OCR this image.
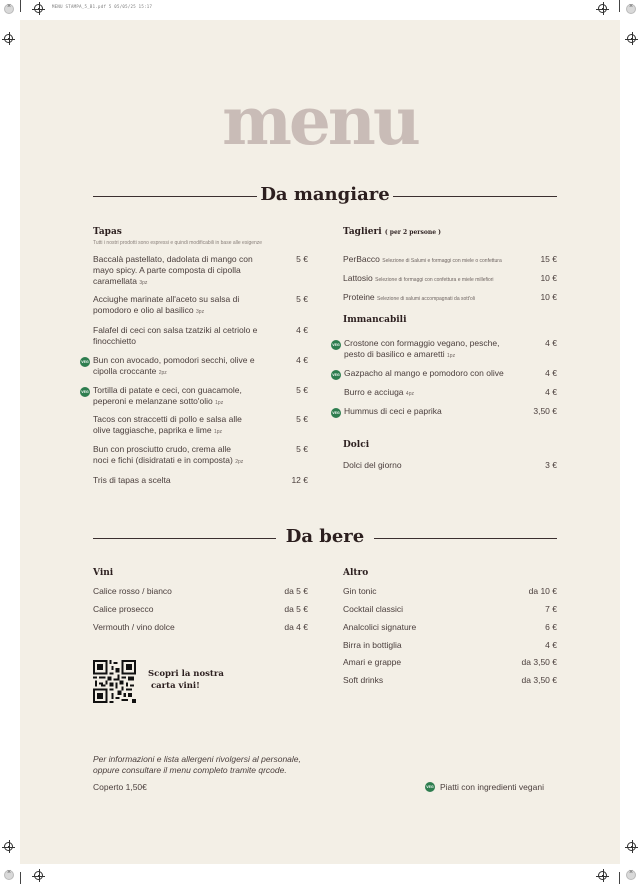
MENU STAMPA_5_B1.pdf 5 05/05/25 15:17
×
×
×
×
menu
Da mangiare
Tapas
Tutti i nostri prodotti sono espressi e quindi modificabili in base alle esigenze
Baccalà pastellato, dadolata di mango con
mayo spicy. A parte composta di cipolla
caramellata 3pz
5 €
Acciughe marinate all'aceto su salsa di
pomodoro e olio al basilico 3pz
5 €
Falafel di ceci con salsa tzatziki al cetriolo e
finocchietto
4 €
VEG Bun con avocado, pomodori secchi, olive e
cipolla croccante 2pz
4 €
VEG Tortilla di patate e ceci, con guacamole,
peperoni e melanzane sotto'olio 1pz
5 €
Tacos con straccetti di pollo e salsa alle
olive taggiasche, paprika e lime 1pz
5 €
Bun con prosciutto crudo, crema alle
noci e fichi (disidratati e in composta) 2pz
5 €
Tris di tapas a scelta	12 €
Taglieri ( per 2 persone )
PerBacco Selezione di Salumi e formaggi con miele o confettura	15 €
Lattosio Selezione di formaggi con confettura e miele millefiori	10 €
Proteine Selezione di salumi accompagnati da sott'oli	10 €
Immancabili
VEG Crostone con formaggio vegano, pesche,
pesto di basilico e amaretti 1pz
4 €
VEG Gazpacho al mango e pomodoro con olive	4 €
Burro e acciuga 4pz	4 €
VEG Hummus di ceci e paprika	3,50 €
Dolci
Dolci del giorno	3 €
Da bere
Vini
Calice rosso / bianco	da 5 €
Calice prosecco	da 5 €
Vermouth / vino dolce	da 4 €
Scopri la nostra
carta vini!
Altro
Gin tonic	da 10 €
Cocktail classici	7 €
Analcolici signature	6 €
Birra in bottiglia	4 €
Amari e grappe	da 3,50 €
Soft drinks	da 3,50 €
Per informazioni e lista allergeni rivolgersi al personale,
oppure consultare il menu completo tramite qrcode.
Coperto 1,50€	VEG Piatti con ingredienti vegani
